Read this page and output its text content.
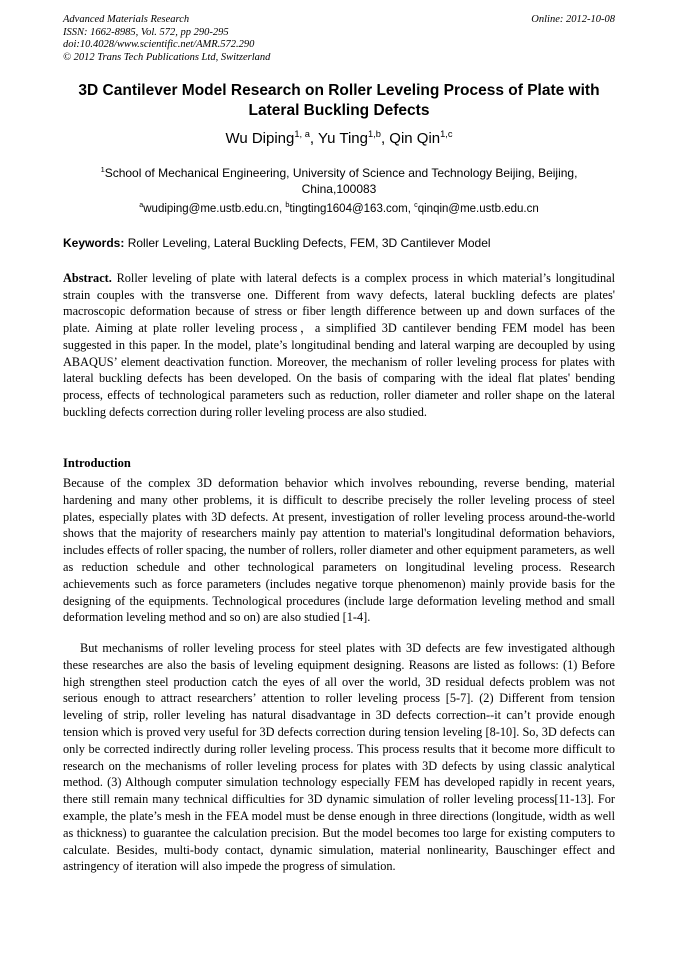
Advanced Materials Research
ISSN: 1662-8985, Vol. 572, pp 290-295
doi:10.4028/www.scientific.net/AMR.572.290
© 2012 Trans Tech Publications Ltd, Switzerland
Online: 2012-10-08
3D Cantilever Model Research on Roller Leveling Process of Plate with Lateral Buckling Defects
Wu Diping$^{1, a}$, Yu Ting$^{1,b}$, Qin Qin$^{1,c}$
$^1$School of Mechanical Engineering, University of Science and Technology Beijing, Beijing, China,100083
$^a$wudiping@me.ustb.edu.cn, $^b$tingting1604@163.com, $^c$qinqin@me.ustb.edu.cn
Keywords: Roller Leveling, Lateral Buckling Defects, FEM, 3D Cantilever Model
Abstract. Roller leveling of plate with lateral defects is a complex process in which material’s longitudinal strain couples with the transverse one. Different from wavy defects, lateral buckling defects are plates' macroscopic deformation because of stress or fiber length difference between up and down surfaces of the plate. Aiming at plate roller leveling process，a simplified 3D cantilever bending FEM model has been suggested in this paper. In the model, plate’s longitudinal bending and lateral warping are decoupled by using ABAQUS’ element deactivation function. Moreover, the mechanism of roller leveling process for plates with lateral buckling defects has been developed. On the basis of comparing with the ideal flat plates' bending process, effects of technological parameters such as reduction, roller diameter and roller shape on the lateral buckling defects correction during roller leveling process are also studied.
Introduction

Because of the complex 3D deformation behavior which involves rebounding, reverse bending, material hardening and many other problems, it is difficult to describe precisely the roller leveling process of steel plates, especially plates with 3D defects. At present, investigation of roller leveling process around-the-world shows that the majority of researchers mainly pay attention to material's longitudinal deformation behaviors, includes effects of roller spacing, the number of rollers, roller diameter and other equipment parameters, as well as reduction schedule and other technological parameters on longitudinal leveling process. Research achievements such as force parameters (includes negative torque phenomenon) mainly provide basis for the designing of the equipments. Technological procedures (include large deformation leveling method and small deformation leveling method and so on) are also studied [1-4].

But mechanisms of roller leveling process for steel plates with 3D defects are few investigated although these researches are also the basis of leveling equipment designing. Reasons are listed as follows: (1) Before high strengthen steel production catch the eyes of all over the world, 3D residual defects problem was not serious enough to attract researchers’ attention to roller leveling process [5-7]. (2) Different from tension leveling of strip, roller leveling has natural disadvantage in 3D defects correction--it can’t provide enough tension which is proved very useful for 3D defects correction during tension leveling [8-10]. So, 3D defects can only be corrected indirectly during roller leveling process. This process results that it become more difficult to research on the mechanisms of roller leveling process for plates with 3D defects by using classic analytical method. (3) Although computer simulation technology especially FEM has developed rapidly in recent years, there still remain many technical difficulties for 3D dynamic simulation of roller leveling process[11-13]. For example, the plate’s mesh in the FEA model must be dense enough in three directions (longitude, width as well as thickness) to guarantee the calculation precision. But the model becomes too large for existing computers to calculate. Besides, multi-body contact, dynamic simulation, material nonlinearity, Bauschinger effect and astringency of iteration will also impede the progress of simulation.
